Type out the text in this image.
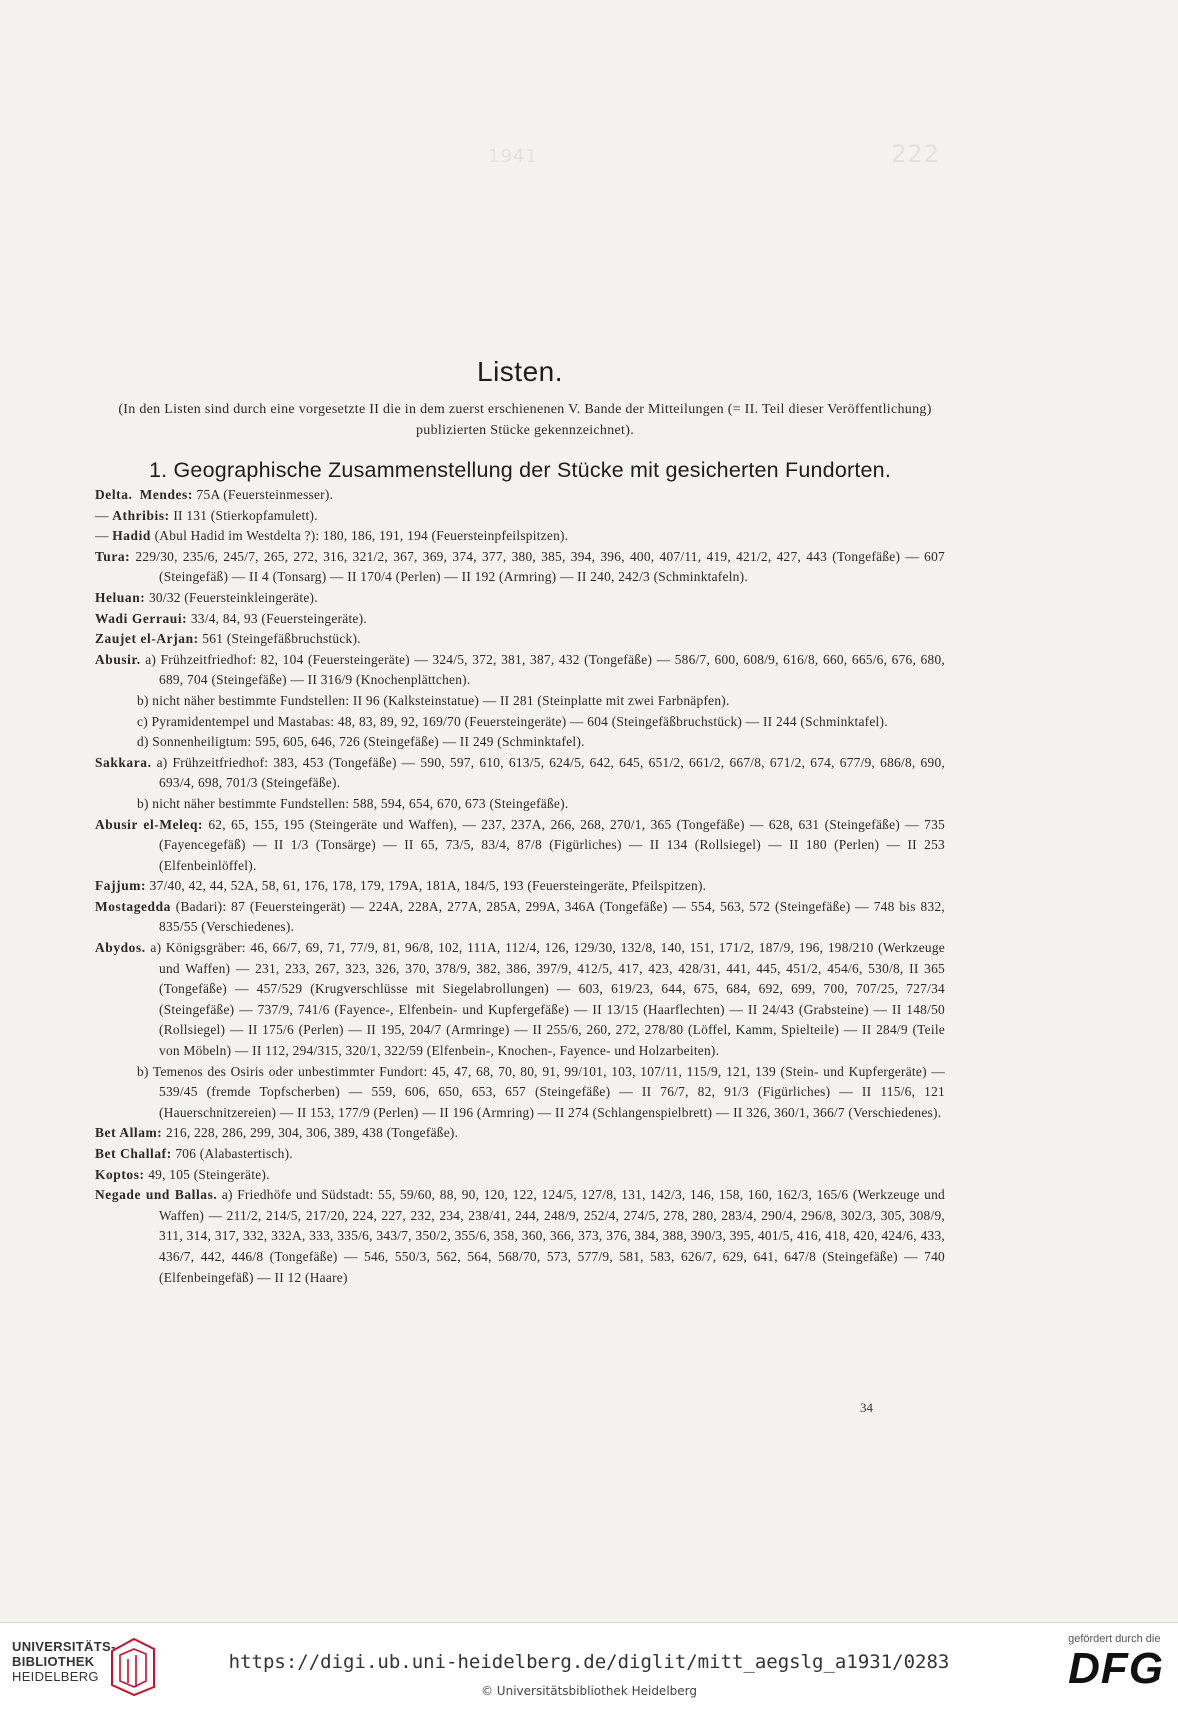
1941	222
Listen.
(In den Listen sind durch eine vorgesetzte II die in dem zuerst erschienenen V. Bande der Mitteilungen (= II. Teil dieser Veröffentlichung) publizierten Stücke gekennzeichnet).
1. Geographische Zusammenstellung der Stücke mit gesicherten Fundorten.

Delta. Mendes: 75A (Feuersteinmesser).

— Athribis: II 131 (Stierkopfamulett).

— Hadid (Abul Hadid im Westdelta ?): 180, 186, 191, 194 (Feuersteinpfeilspitzen).

Tura: 229/30, 235/6, 245/7, 265, 272, 316, 321/2, 367, 369, 374, 377, 380, 385, 394, 396, 400, 407/11, 419, 421/2, 427, 443 (Tongefäße) — 607 (Steingefäß) — II 4 (Tonsarg) — II 170/4 (Perlen) — II 192 (Armring) — II 240, 242/3 (Schminktafeln).

Heluan: 30/32 (Feuersteinkleingeräte).

Wadi Gerraui: 33/4, 84, 93 (Feuersteingeräte).

Zaujet el-Arjan: 561 (Steingefäßbruchstück).

Abusir. a) Frühzeitfriedhof: 82, 104 (Feuersteingeräte) — 324/5, 372, 381, 387, 432 (Tongefäße) — 586/7, 600, 608/9, 616/8, 660, 665/6, 676, 680, 689, 704 (Steingefäße) — II 316/9 (Knochenplättchen).

b) nicht näher bestimmte Fundstellen: II 96 (Kalksteinstatue) — II 281 (Steinplatte mit zwei Farbnäpfen).

c) Pyramidentempel und Mastabas: 48, 83, 89, 92, 169/70 (Feuersteingeräte) — 604 (Steingefäßbruchstück) — II 244 (Schminktafel).

d) Sonnenheiligtum: 595, 605, 646, 726 (Steingefäße) — II 249 (Schminktafel).

Sakkara. a) Frühzeitfriedhof: 383, 453 (Tongefäße) — 590, 597, 610, 613/5, 624/5, 642, 645, 651/2, 661/2, 667/8, 671/2, 674, 677/9, 686/8, 690, 693/4, 698, 701/3 (Steingefäße).

b) nicht näher bestimmte Fundstellen: 588, 594, 654, 670, 673 (Steingefäße).

Abusir el-Meleq: 62, 65, 155, 195 (Steingeräte und Waffen), — 237, 237A, 266, 268, 270/1, 365 (Tongefäße) — 628, 631 (Steingefäße) — 735 (Fayencegefäß) — II 1/3 (Tonsärge) — II 65, 73/5, 83/4, 87/8 (Figürliches) — II 134 (Rollsiegel) — II 180 (Perlen) — II 253 (Elfenbeinlöffel).

Fajjum: 37/40, 42, 44, 52A, 58, 61, 176, 178, 179, 179A, 181A, 184/5, 193 (Feuersteingeräte, Pfeilspitzen).

Mostagedda (Badari): 87 (Feuersteingerät) — 224A, 228A, 277A, 285A, 299A, 346A (Tongefäße) — 554, 563, 572 (Steingefäße) — 748 bis 832, 835/55 (Verschiedenes).

Abydos. a) Königsgräber: 46, 66/7, 69, 71, 77/9, 81, 96/8, 102, 111A, 112/4, 126, 129/30, 132/8, 140, 151, 171/2, 187/9, 196, 198/210 (Werkzeuge und Waffen) — 231, 233, 267, 323, 326, 370, 378/9, 382, 386, 397/9, 412/5, 417, 423, 428/31, 441, 445, 451/2, 454/6, 530/8, II 365 (Tongefäße) — 457/529 (Krugverschlüsse mit Siegelabrollungen) — 603, 619/23, 644, 675, 684, 692, 699, 700, 707/25, 727/34 (Steingefäße) — 737/9, 741/6 (Fayence-, Elfenbein- und Kupfergefäße) — II 13/15 (Haarflechten) — II 24/43 (Grabsteine) — II 148/50 (Rollsiegel) — II 175/6 (Perlen) — II 195, 204/7 (Armringe) — II 255/6, 260, 272, 278/80 (Löffel, Kamm, Spielteile) — II 284/9 (Teile von Möbeln) — II 112, 294/315, 320/1, 322/59 (Elfenbein-, Knochen-, Fayence- und Holzarbeiten).

b) Temenos des Osiris oder unbestimmter Fundort: 45, 47, 68, 70, 80, 91, 99/101, 103, 107/11, 115/9, 121, 139 (Stein- und Kupfergeräte) — 539/45 (fremde Topfscherben) — 559, 606, 650, 653, 657 (Steingefäße) — II 76/7, 82, 91/3 (Figürliches) — II 115/6, 121 (Hauerschnitzereien) — II 153, 177/9 (Perlen) — II 196 (Armring) — II 274 (Schlangenspielbrett) — II 326, 360/1, 366/7 (Verschiedenes).

Bet Allam: 216, 228, 286, 299, 304, 306, 389, 438 (Tongefäße).

Bet Challaf: 706 (Alabastertisch).

Koptos: 49, 105 (Steingeräte).

Negade und Ballas. a) Friedhöfe und Südstadt: 55, 59/60, 88, 90, 120, 122, 124/5, 127/8, 131, 142/3, 146, 158, 160, 162/3, 165/6 (Werkzeuge und Waffen) — 211/2, 214/5, 217/20, 224, 227, 232, 234, 238/41, 244, 248/9, 252/4, 274/5, 278, 280, 283/4, 290/4, 296/8, 302/3, 305, 308/9, 311, 314, 317, 332, 332A, 333, 335/6, 343/7, 350/2, 355/6, 358, 360, 366, 373, 376, 384, 388, 390/3, 395, 401/5, 416, 418, 420, 424/6, 433, 436/7, 442, 446/8 (Tongefäße) — 546, 550/3, 562, 564, 568/70, 573, 577/9, 581, 583, 626/7, 629, 641, 647/8 (Steingefäße) — 740 (Elfenbeingefäß) — II 12 (Haare)

34
UNIVERSITÄTS-
BIBLIOTHEK
HEIDELBERG
https://digi.ub.uni-heidelberg.de/diglit/mitt_aegslg_a1931/0283
© Universitätsbibliothek Heidelberg
gefördert durch die
DFG
